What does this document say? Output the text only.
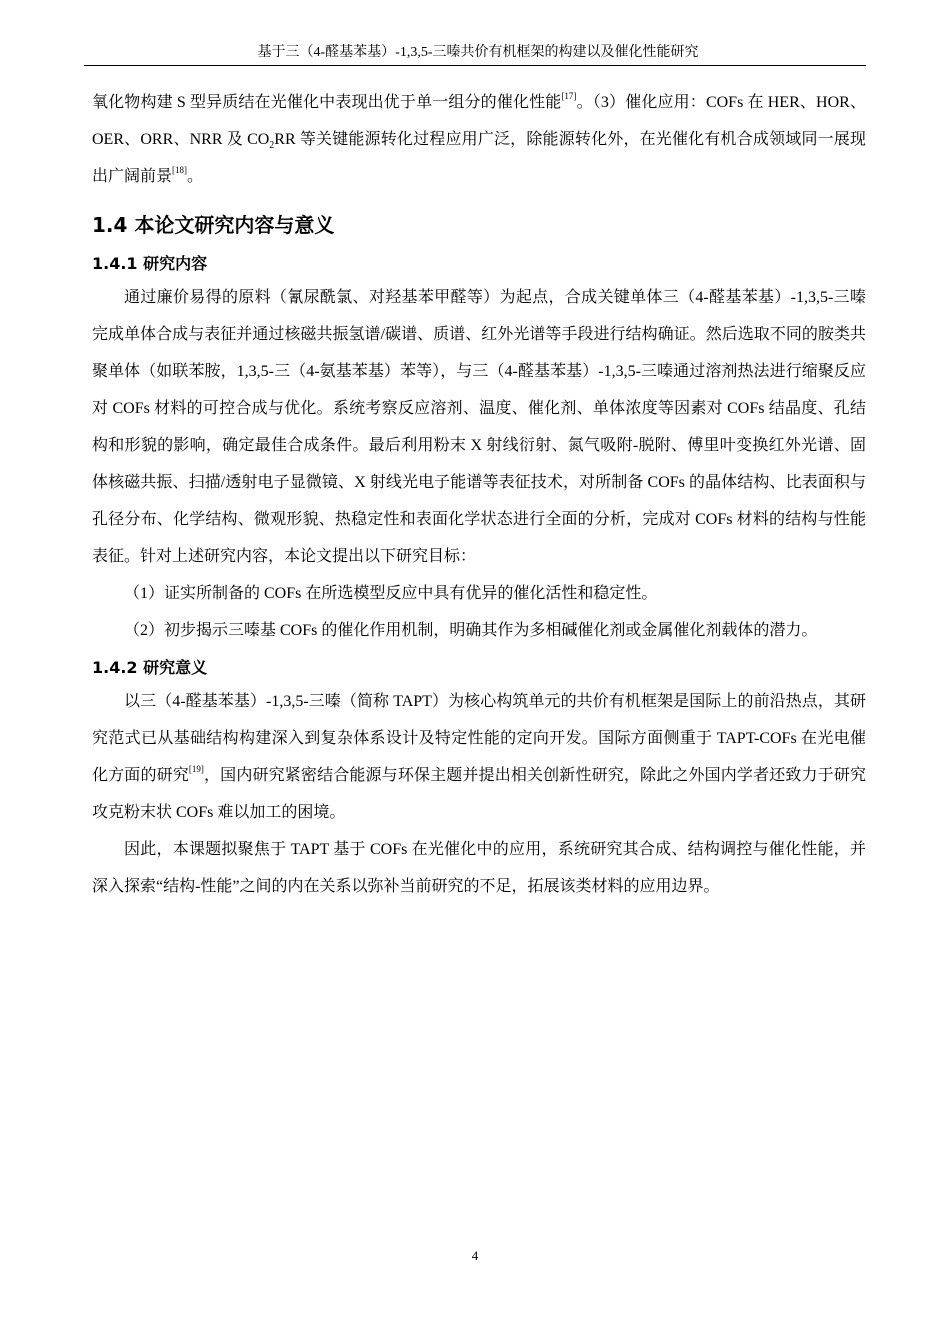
基于三（4-醛基苯基）-1,3,5-三嗪共价有机框架的构建以及催化性能研究

氧化物构建 S 型异质结在光催化中表现出优于单一组分的催化性能[17]。（3）催化应用：COFs 在 HER、HOR、OER、ORR、NRR 及 $CO_2RR$ 等关键能源转化过程应用广泛，除能源转化外，在光催化有机合成领域同一展现出广阔前景[18]。

1.4 本论文研究内容与意义
1.4.1 研究内容

通过廉价易得的原料（氰尿酰氯、对羟基苯甲醛等）为起点，合成关键单体三（4-醛基苯基）-1,3,5-三嗪完成单体合成与表征并通过核磁共振氢谱/碳谱、质谱、红外光谱等手段进行结构确证。然后选取不同的胺类共聚单体（如联苯胺，1,3,5-三（4-氨基苯基）苯等），与三（4-醛基苯基）-1,3,5-三嗪通过溶剂热法进行缩聚反应对 COFs 材料的可控合成与优化。系统考察反应溶剂、温度、催化剂、单体浓度等因素对 COFs 结晶度、孔结构和形貌的影响，确定最佳合成条件。最后利用粉末 X 射线衍射、氮气吸附-脱附、傅里叶变换红外光谱、固体核磁共振、扫描/透射电子显微镜、X 射线光电子能谱等表征技术，对所制备 COFs 的晶体结构、比表面积与孔径分布、化学结构、微观形貌、热稳定性和表面化学状态进行全面的分析，完成对 COFs 材料的结构与性能表征。针对上述研究内容，本论文提出以下研究目标：

（1）证实所制备的 COFs 在所选模型反应中具有优异的催化活性和稳定性。

（2）初步揭示三嗪基 COFs 的催化作用机制，明确其作为多相碱催化剂或金属催化剂载体的潜力。

1.4.2 研究意义

以三（4-醛基苯基）-1,3,5-三嗪（简称 TAPT）为核心构筑单元的共价有机框架是国际上的前沿热点，其研究范式已从基础结构构建深入到复杂体系设计及特定性能的定向开发。国际方面侧重于 TAPT-COFs 在光电催化方面的研究[19]，国内研究紧密结合能源与环保主题并提出相关创新性研究，除此之外国内学者还致力于研究攻克粉末状 COFs 难以加工的困境。

因此，本课题拟聚焦于 TAPT 基于 COFs 在光催化中的应用，系统研究其合成、结构调控与催化性能，并深入探索“结构-性能”之间的内在关系以弥补当前研究的不足，拓展该类材料的应用边界。

4
